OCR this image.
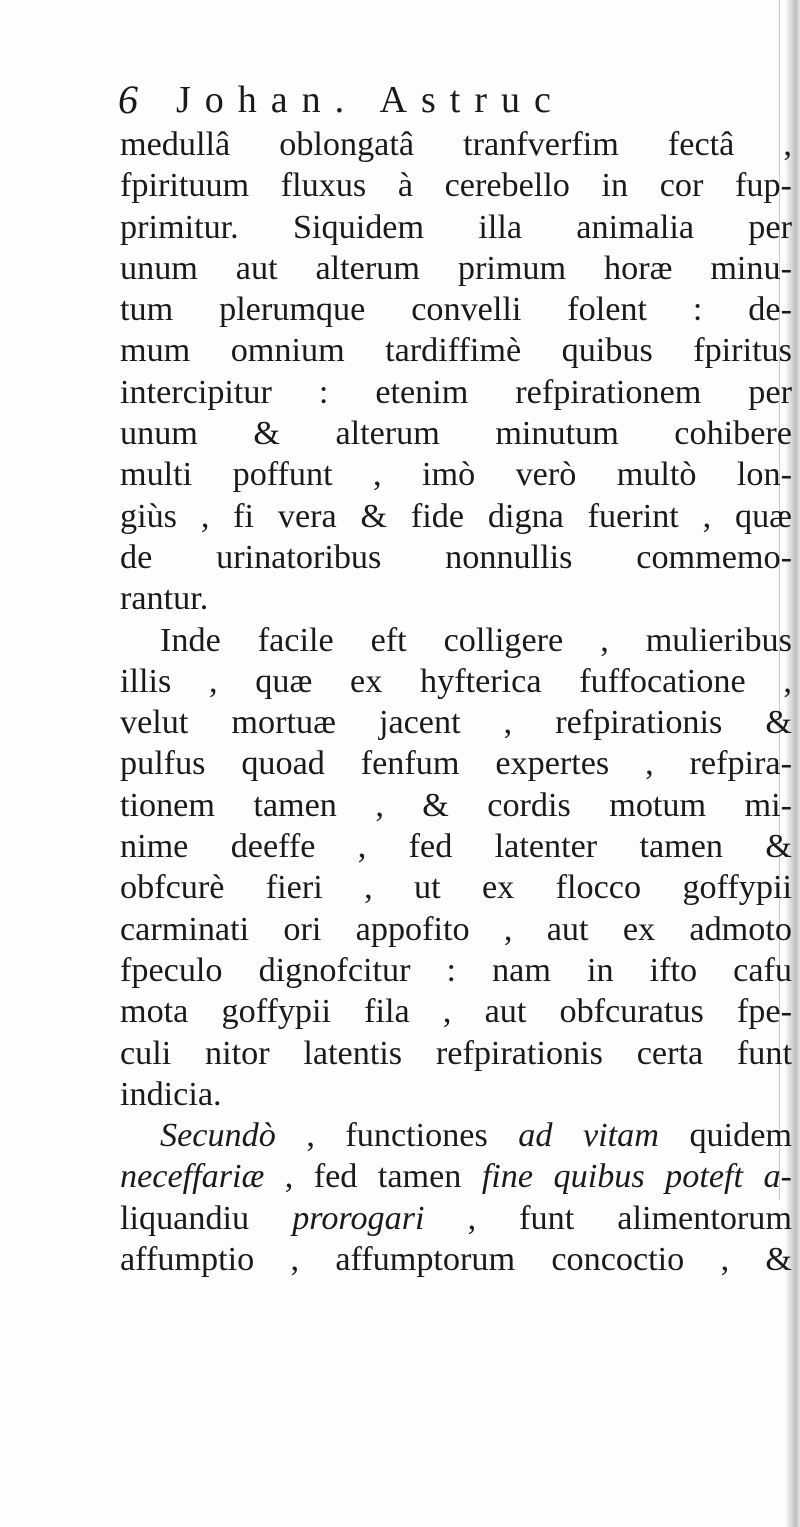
6 Johan. Astruc
medullâ oblongatâ tranfverfim fectâ ,
fpirituum fluxus à cerebello in cor fup-
primitur. Siquidem illa animalia per
unum aut alterum primum horæ minu-
tum plerumque convelli folent : de-
mum omnium tardiffimè quibus fpiritus
intercipitur : etenim refpirationem per
unum & alterum minutum cohibere
multi poffunt , imò verò multò lon-
giùs , fi vera & fide digna fuerint , quæ
de urinatoribus nonnullis commemo-
rantur.
Inde facile eft colligere , mulieribus
illis , quæ ex hyfterica fuffocatione ,
velut mortuæ jacent , refpirationis &
pulfus quoad fenfum expertes , refpira-
tionem tamen , & cordis motum mi-
nime deeffe , fed latenter tamen &
obfcurè fieri , ut ex flocco goffypii
carminati ori appofito , aut ex admoto
fpeculo dignofcitur : nam in ifto cafu
mota goffypii fila , aut obfcuratus fpe-
culi nitor latentis refpirationis certa funt
indicia.
Secundò , functiones ad vitam quidem
neceffariæ , fed tamen fine quibus poteft a-
liquandiu prorogari , funt alimentorum
affumptio , affumptorum concoctio , &
